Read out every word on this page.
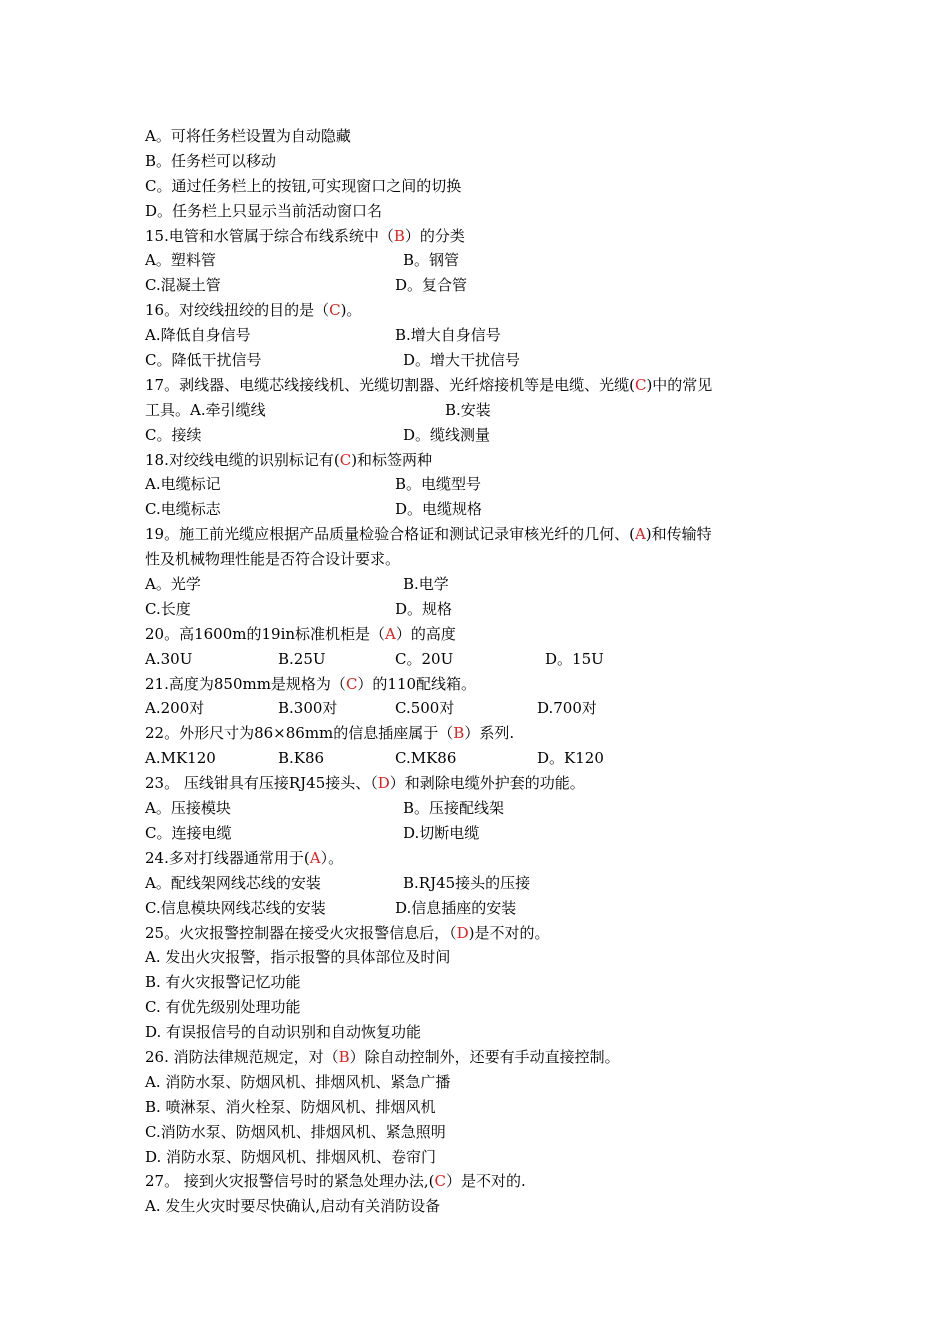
A。可将任务栏设置为自动隐藏
B。任务栏可以移动
C。通过任务栏上的按钮,可实现窗口之间的切换
D。任务栏上只显示当前活动窗口名
15.电管和水管属于综合布线系统中（B）的分类
A。塑料管	B。钢管
C.混凝土管	D。复合管
16。对绞线扭绞的目的是（C)。
A.降低自身信号	B.增大自身信号
C。降低干扰信号	D。增大干扰信号
17。剥线器、电缆芯线接线机、光缆切割器、光纤熔接机等是电缆、光缆(C)中的常见
工具。A.牵引缆线	B.安装
C。接续	D。缆线测量
18.对绞线电缆的识别标记有(C)和标签两种
A.电缆标记	B。电缆型号
C.电缆标志	D。电缆规格
19。施工前光缆应根据产品质量检验合格证和测试记录审核光纤的几何、(A)和传输特
性及机械物理性能是否符合设计要求。
A。光学	B.电学
C.长度	D。规格
20。高1600m的19in标准机柜是（A）的高度
A.30U	B.25U	C。20U	D。15U
21.高度为850mm是规格为（C）的110配线箱。
A.200对	B.300对	C.500对	D.700对
22。外形尺寸为86×86mm的信息插座属于（B）系列.
A.MK120	B.K86	C.MK86	D。K120
23。 压线钳具有压接RJ45接头、（D）和剥除电缆外护套的功能。
A。压接模块	B。压接配线架
C。连接电缆	D.切断电缆
24.多对打线器通常用于(A）。
A。配线架网线芯线的安装	B.RJ45接头的压接
C.信息模块网线芯线的安装	D.信息插座的安装
25。火灾报警控制器在接受火灾报警信息后，（D)是不对的。
A. 发出火灾报警，指示报警的具体部位及时间
B. 有火灾报警记忆功能
C. 有优先级别处理功能
D. 有误报信号的自动识别和自动恢复功能
26. 消防法律规范规定，对（B）除自动控制外，还要有手动直接控制。
A. 消防水泵、防烟风机、排烟风机、紧急广播
B. 喷淋泵、消火栓泵、防烟风机、排烟风机
C.消防水泵、防烟风机、排烟风机、紧急照明
D. 消防水泵、防烟风机、排烟风机、卷帘门
27。 接到火灾报警信号时的紧急处理办法,(C）是不对的.
A. 发生火灾时要尽快确认,启动有关消防设备
